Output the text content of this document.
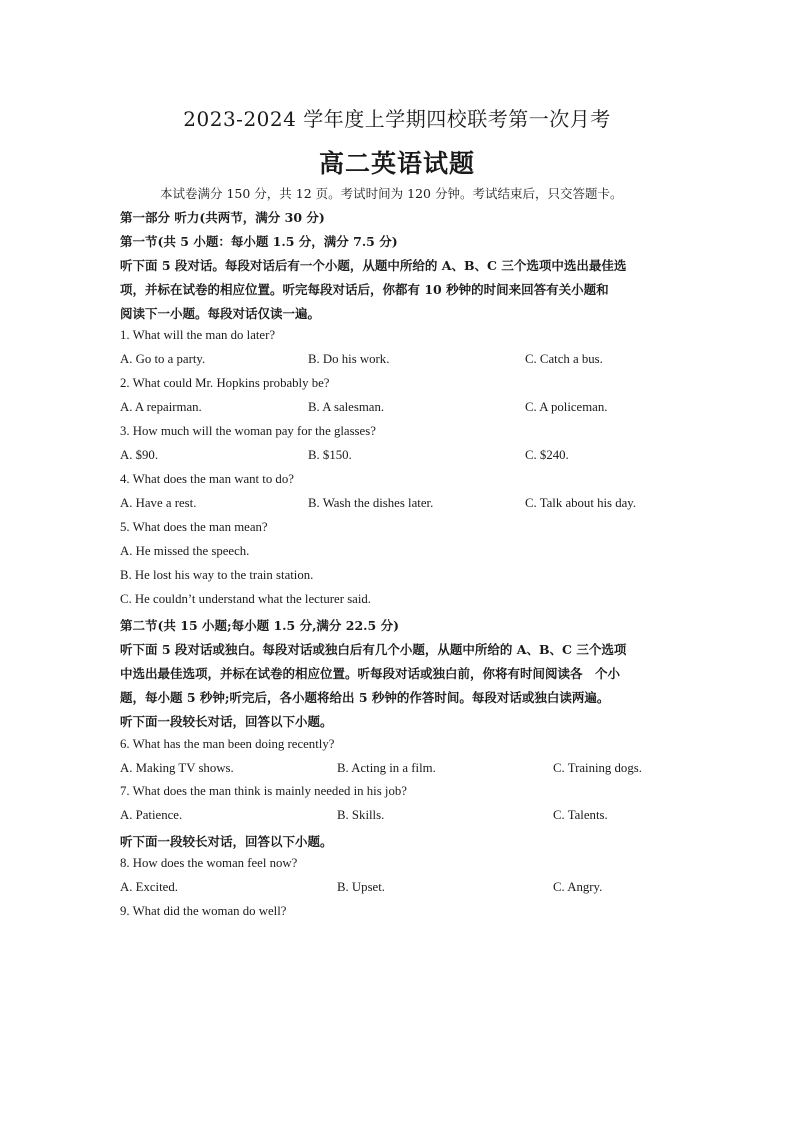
2023-2024 学年度上学期四校联考第一次月考
高二英语试题
本试卷满分 150 分，共 12 页。考试时间为 120 分钟。考试结束后，只交答题卡。
第一部分 听力(共两节，满分 30 分)
第一节(共 5 小题：每小题 1.5 分，满分 7.5 分)
听下面 5 段对话。每段对话后有一个小题，从题中所给的 A、B、C 三个选项中选出最佳选
项，并标在试卷的相应位置。听完每段对话后，你都有 10 秒钟的时间来回答有关小题和
阅读下一小题。每段对话仅读一遍。
1. What will the man do later?
A. Go to a party.	B. Do his work.	C. Catch a bus.
2. What could Mr. Hopkins probably be?
A. A repairman.	B. A salesman.	C. A policeman.
3. How much will the woman pay for the glasses?
A. $90.	B. $150.	C. $240.
4. What does the man want to do?
A. Have a rest.	B. Wash the dishes later.	C. Talk about his day.
5. What does the man mean?
A. He missed the speech.
B. He lost his way to the train station.
C. He couldn’t understand what the lecturer said.
第二节(共 15 小题;每小题 1.5 分,满分 22.5 分)
听下面 5 段对话或独白。每段对话或独白后有几个小题，从题中所给的 A、B、C 三个选项
中选出最佳选项，并标在试卷的相应位置。听每段对话或独白前，你将有时间阅读各　个小
题，每小题 5 秒钟;听完后，各小题将给出 5 秒钟的作答时间。每段对话或独白读两遍。
听下面一段较长对话，回答以下小题。
6. What has the man been doing recently?
A. Making TV shows.	B. Acting in a film.	C. Training dogs.
7. What does the man think is mainly needed in his job?
A. Patience.	B. Skills.	C. Talents.
听下面一段较长对话，回答以下小题。
8. How does the woman feel now?
A. Excited.	B. Upset.	C. Angry.
9. What did the woman do well?
